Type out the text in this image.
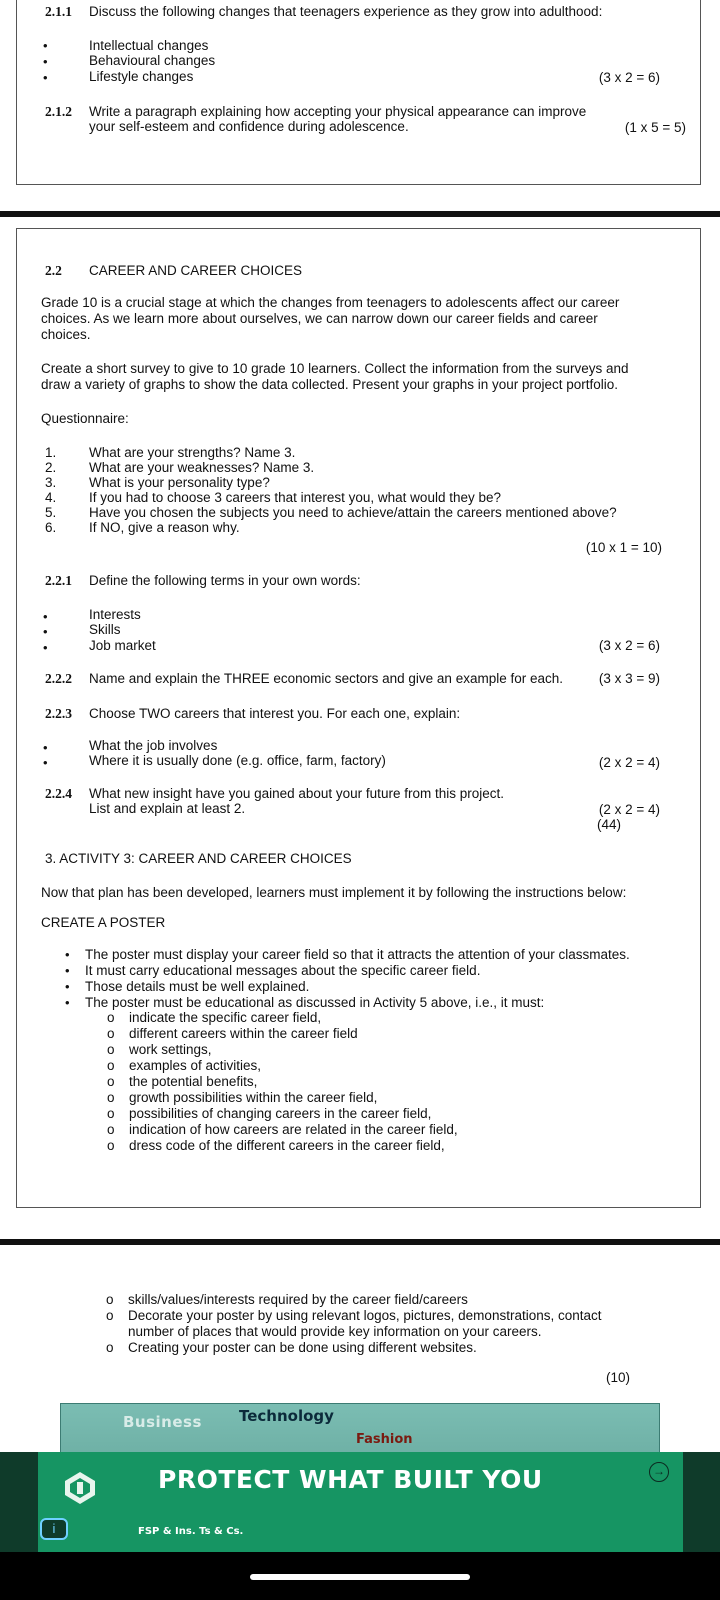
2.1.1 Discuss the following changes that teenagers experience as they grow into adulthood:
•	Intellectual changes
•	Behavioural changes
•	Lifestyle changes	(3 x 2 = 6)
2.1.2 Write a paragraph explaining how accepting your physical appearance can improve
your self-esteem and confidence during adolescence.	(1 x 5 = 5)
2.2 CAREER AND CAREER CHOICES
Grade 10 is a crucial stage at which the changes from teenagers to adolescents affect our career
choices. As we learn more about ourselves, we can narrow down our career fields and career
choices.
Create a short survey to give to 10 grade 10 learners. Collect the information from the surveys and
draw a variety of graphs to show the data collected. Present your graphs in your project portfolio.
Questionnaire:
1. What are your strengths? Name 3.
2. What are your weaknesses? Name 3.
3. What is your personality type?
4. If you had to choose 3 careers that interest you, what would they be?
5. Have you chosen the subjects you need to achieve/attain the careers mentioned above?
6. If NO, give a reason why.
(10 x 1 = 10)
2.2.1 Define the following terms in your own words:
•	Interests
•	Skills
•	Job market	(3 x 2 = 6)
2.2.2 Name and explain the THREE economic sectors and give an example for each.	(3 x 3 = 9)
2.2.3 Choose TWO careers that interest you. For each one, explain:
•	What the job involves
•	Where it is usually done (e.g. office, farm, factory)	(2 x 2 = 4)
2.2.4 What new insight have you gained about your future from this project.
List and explain at least 2.	(2 x 2 = 4)
(44)
3. ACTIVITY 3: CAREER AND CAREER CHOICES
Now that plan has been developed, learners must implement it by following the instructions below:
CREATE A POSTER
• The poster must display your career field so that it attracts the attention of your classmates.
• It must carry educational messages about the specific career field.
• Those details must be well explained.
• The poster must be educational as discussed in Activity 5 above, i.e., it must:
o indicate the specific career field,
o different careers within the career field
o work settings,
o examples of activities,
o the potential benefits,
o growth possibilities within the career field,
o possibilities of changing careers in the career field,
o indication of how careers are related in the career field,
o dress code of the different careers in the career field,
o skills/values/interests required by the career field/careers
o Decorate your poster by using relevant logos, pictures, demonstrations, contact
number of places that would provide key information on your careers.
o Creating your poster can be done using different websites.
(10)
Business Technology
Fashion
PROTECT WHAT BUILT YOU
FSP & Ins. Ts & Cs.
→
i
